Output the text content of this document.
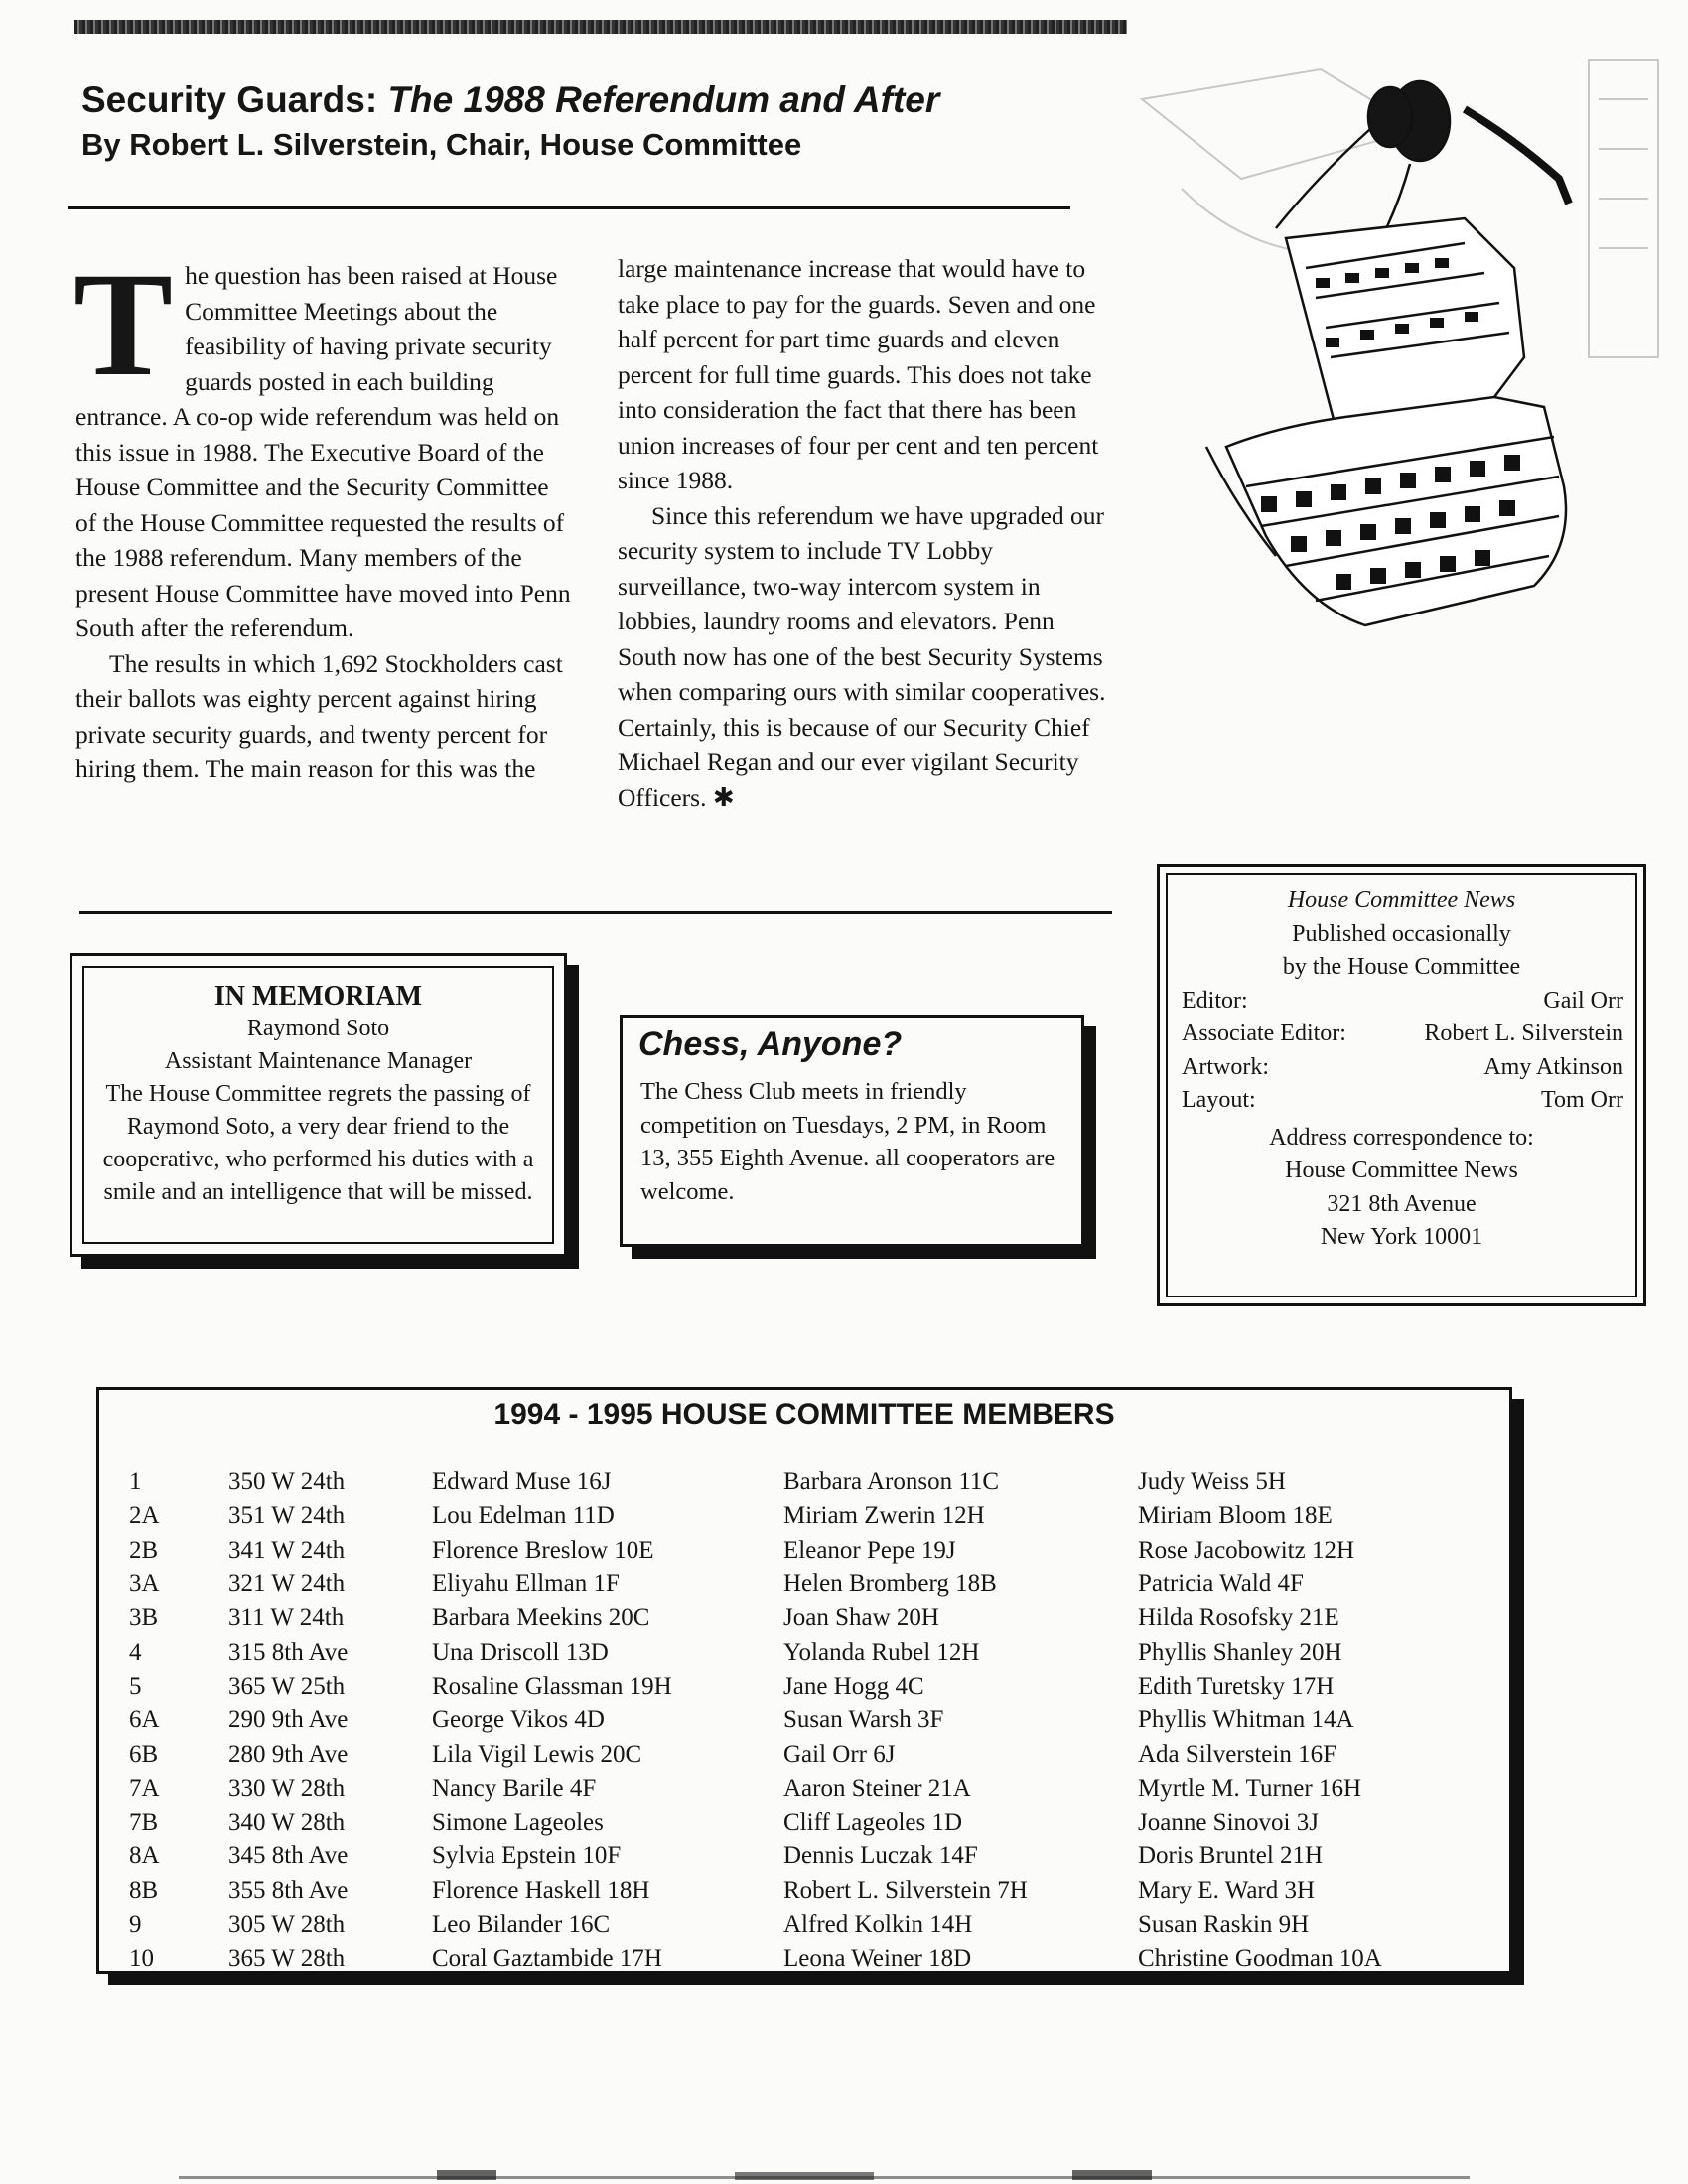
Security Guards: The 1988 Referendum and After
By Robert L. Silverstein, Chair, House Committee
T he question has been raised at House Committee Meetings about the feasibility of having private security guards posted in each building entrance. A co-op wide referendum was held on this issue in 1988. The Executive Board of the House Committee and the Security Committee of the House Committee requested the results of the 1988 referendum. Many members of the present House Committee have moved into Penn South after the referendum.

The results in which 1,692 Stockholders cast their ballots was eighty percent against hiring private security guards, and twenty percent for hiring them. The main reason for this was the

large maintenance increase that would have to take place to pay for the guards. Seven and one half percent for part time guards and eleven percent for full time guards. This does not take into consideration the fact that there has been union increases of four per cent and ten percent since 1988.

Since this referendum we have upgraded our security system to include TV Lobby surveillance, two-way intercom system in lobbies, laundry rooms and elevators. Penn South now has one of the best Security Systems when comparing ours with similar cooperatives. Certainly, this is because of our Security Chief Michael Regan and our ever vigilant Security Officers. ✱

IN MEMORIAM
Raymond Soto
Assistant Maintenance Manager
The House Committee regrets the passing of Raymond Soto, a very dear friend to the cooperative, who performed his duties with a smile and an intelligence that will be missed.
Chess, Anyone?
The Chess Club meets in friendly competition on Tuesdays, 2 PM, in Room 13, 355 Eighth Avenue. all cooperators are welcome.
House Committee News
Published occasionally
by the House Committee
Editor:	Gail Orr
Associate Editor:	Robert L. Silverstein
Artwork:	Amy Atkinson
Layout:	Tom Orr
Address correspondence to:
House Committee News
321 8th Avenue
New York 10001
1994 - 1995 HOUSE COMMITTEE MEMBERS
1	350 W 24th	Edward Muse 16J	Barbara Aronson 11C	Judy Weiss 5H
2A	351 W 24th	Lou Edelman 11D	Miriam Zwerin 12H	Miriam Bloom 18E
2B	341 W 24th	Florence Breslow 10E	Eleanor Pepe 19J	Rose Jacobowitz 12H
3A	321 W 24th	Eliyahu Ellman 1F	Helen Bromberg 18B	Patricia Wald 4F
3B	311 W 24th	Barbara Meekins 20C	Joan Shaw 20H	Hilda Rosofsky 21E
4	315 8th Ave	Una Driscoll 13D	Yolanda Rubel 12H	Phyllis Shanley 20H
5	365 W 25th	Rosaline Glassman 19H	Jane Hogg 4C	Edith Turetsky 17H
6A	290 9th Ave	George Vikos 4D	Susan Warsh 3F	Phyllis Whitman 14A
6B	280 9th Ave	Lila Vigil Lewis 20C	Gail Orr 6J	Ada Silverstein 16F
7A	330 W 28th	Nancy Barile 4F	Aaron Steiner 21A	Myrtle M. Turner 16H
7B	340 W 28th	Simone Lageoles	Cliff Lageoles 1D	Joanne Sinovoi 3J
8A	345 8th Ave	Sylvia Epstein 10F	Dennis Luczak 14F	Doris Bruntel 21H
8B	355 8th Ave	Florence Haskell 18H	Robert L. Silverstein 7H	Mary E. Ward 3H
9	305 W 28th	Leo Bilander 16C	Alfred Kolkin 14H	Susan Raskin 9H
10	365 W 28th	Coral Gaztambide 17H	Leona Weiner 18D	Christine Goodman 10A
